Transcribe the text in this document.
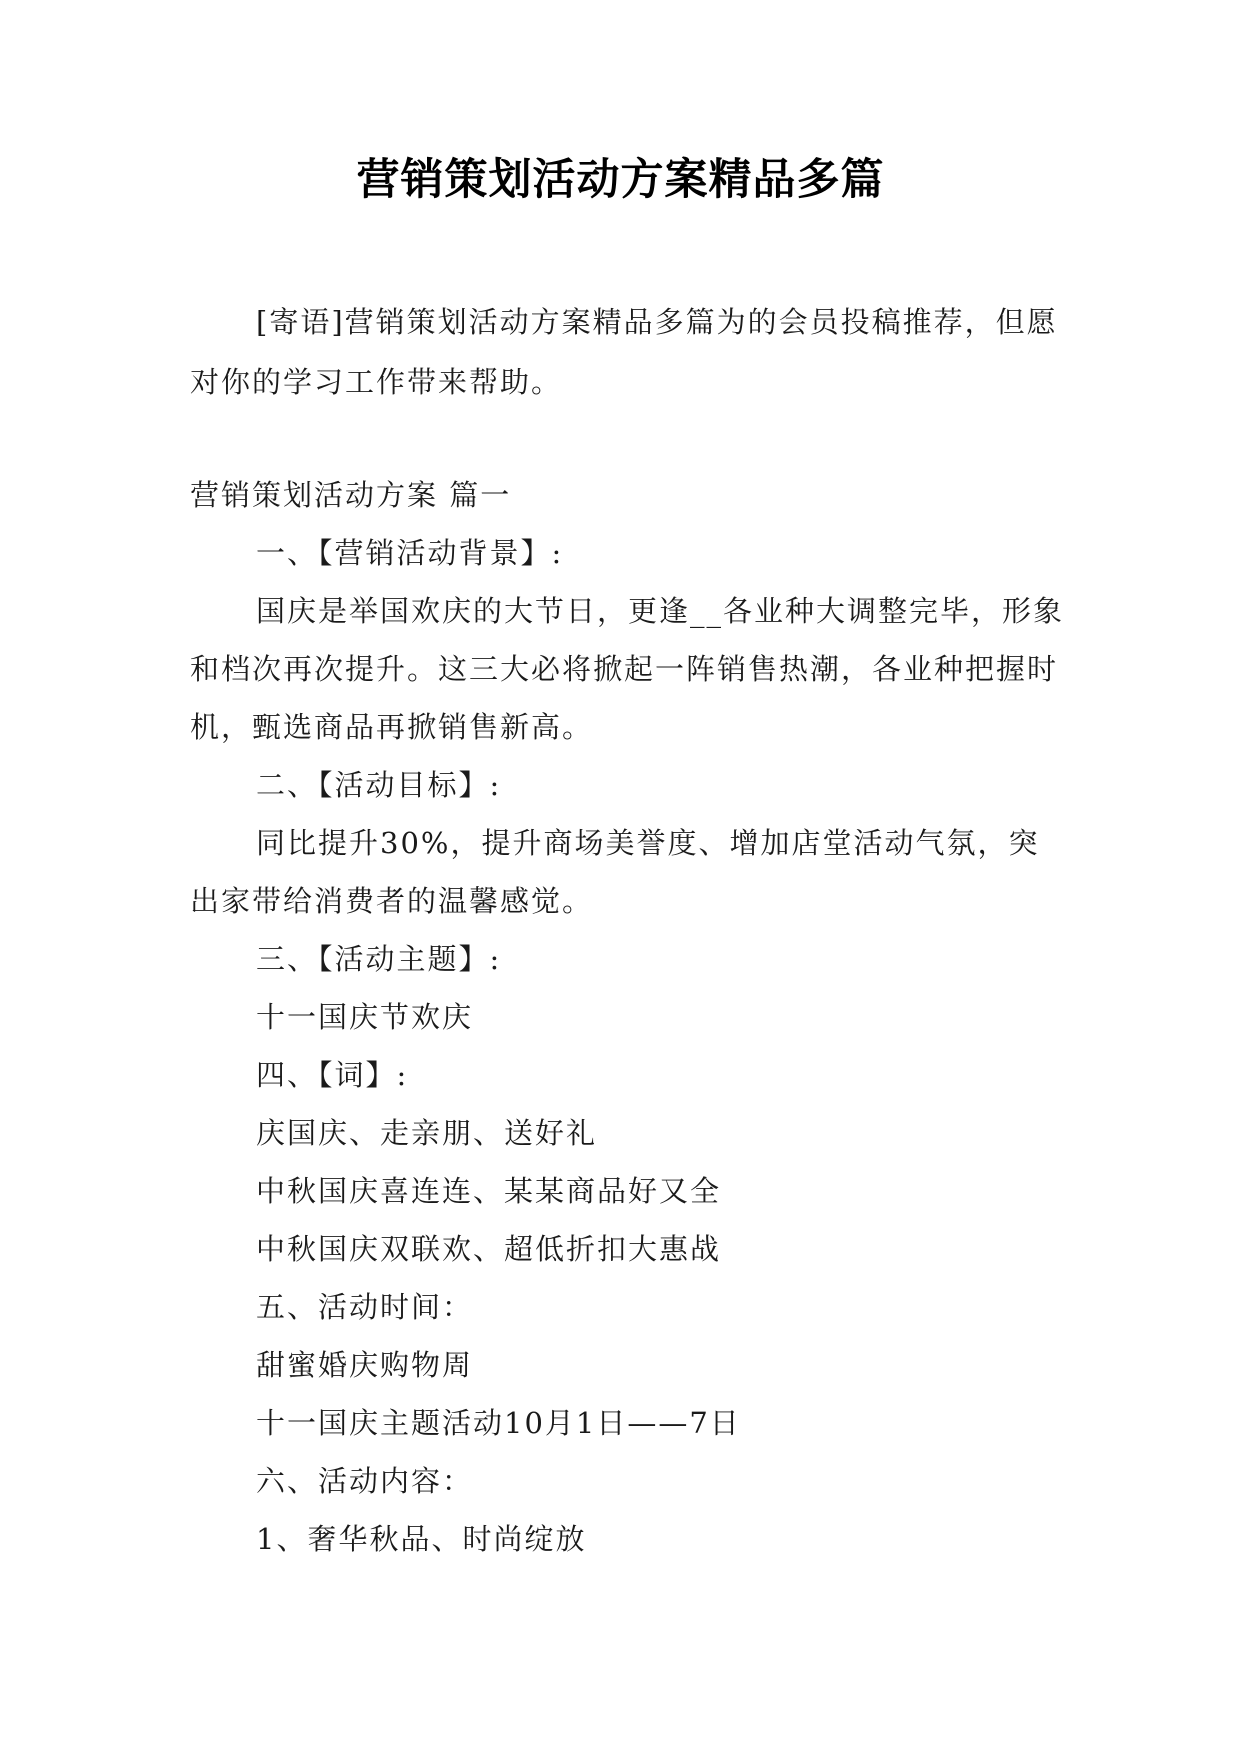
营销策划活动方案精品多篇
[寄语]营销策划活动方案精品多篇为的会员投稿推荐，但愿对你的学习工作带来帮助。
营销策划活动方案 篇一

一、【营销活动背景】:

国庆是举国欢庆的大节日，更逢__各业种大调整完毕，形象和档次再次提升。这三大必将掀起一阵销售热潮，各业种把握时机，甄选商品再掀销售新高。

二、【活动目标】:

同比提升30%，提升商场美誉度、增加店堂活动气氛，突出家带给消费者的温馨感觉。

三、【活动主题】:

十一国庆节欢庆

四、【词】:

庆国庆、走亲朋、送好礼

中秋国庆喜连连、某某商品好又全

中秋国庆双联欢、超低折扣大惠战

五、活动时间：

甜蜜婚庆购物周

十一国庆主题活动10月1日——7日

六、活动内容：

1、奢华秋品、时尚绽放
